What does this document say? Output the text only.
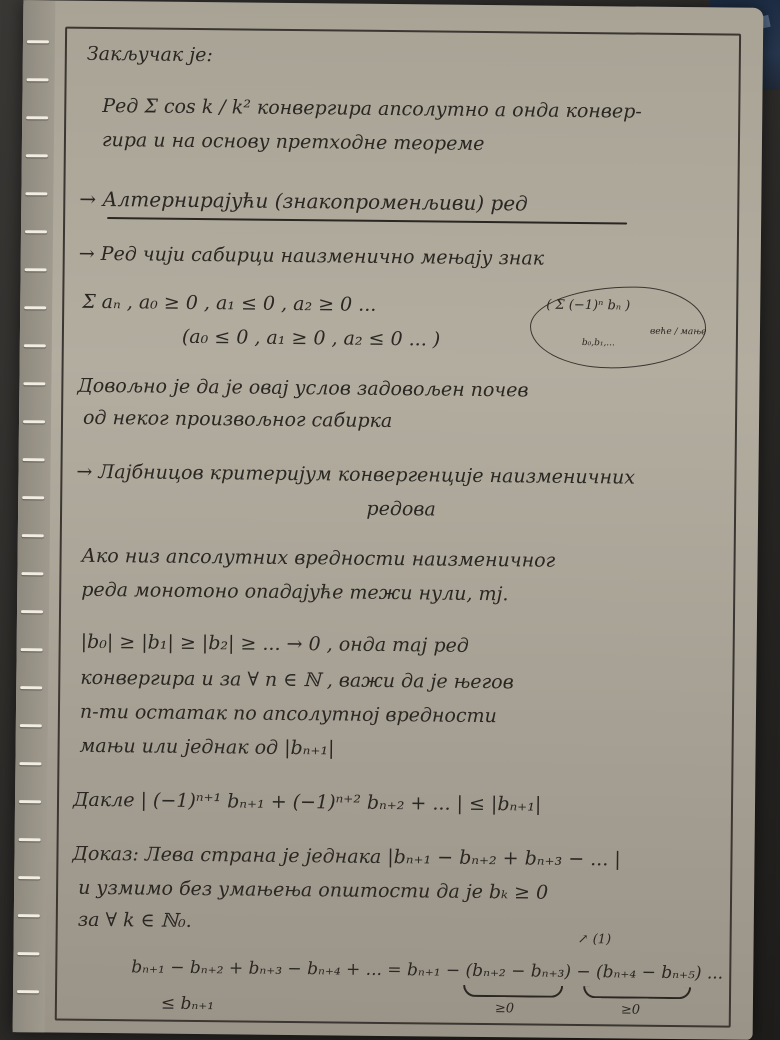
Закључак је:
Ред Σ cos k / k² конвергира апсолутно а онда конвер-
гира и на основу претходне теореме
→ Алтернирајући (знакопроменљиви) ред
→ Ред чији сабирци наизменично мењају знак
Σ aₙ , a₀ ≥ 0 , a₁ ≤ 0 , a₂ ≥ 0 ...
(a₀ ≤ 0 , a₁ ≥ 0 , a₂ ≤ 0 ... )
( Σ (−1)ⁿ bₙ )
b₀,b₁,...
веће / мање
Довољно је да је овај услов задовољен почев
од неког произвољног сабирка
→ Лајбницов критеријум конвергенције наизменичних
редова
Ако низ апсолутних вредности наизменичног
реда монотоно опадајуће тежи нули, тј.
|b₀| ≥ |b₁| ≥ |b₂| ≥ ... → 0 , онда тај ред
конвергира и за ∀ n ∈ ℕ , важи да је његов
n-ти остатак по апсолутној вредности
мањи или једнак од |bₙ₊₁|
Дакле | (−1)ⁿ⁺¹ bₙ₊₁ + (−1)ⁿ⁺² bₙ₊₂ + ... | ≤ |bₙ₊₁|
Доказ: Лева страна је једнака |bₙ₊₁ − bₙ₊₂ + bₙ₊₃ − ... |
и узмимо без умањења општости да је bₖ ≥ 0
за ∀ k ∈ ℕ₀.
↗ (1)
bₙ₊₁ − bₙ₊₂ + bₙ₊₃ − bₙ₊₄ + ... = bₙ₊₁ − (bₙ₊₂ − bₙ₊₃) − (bₙ₊₄ − bₙ₊₅) ...
≤ bₙ₊₁	≥0	≥0
